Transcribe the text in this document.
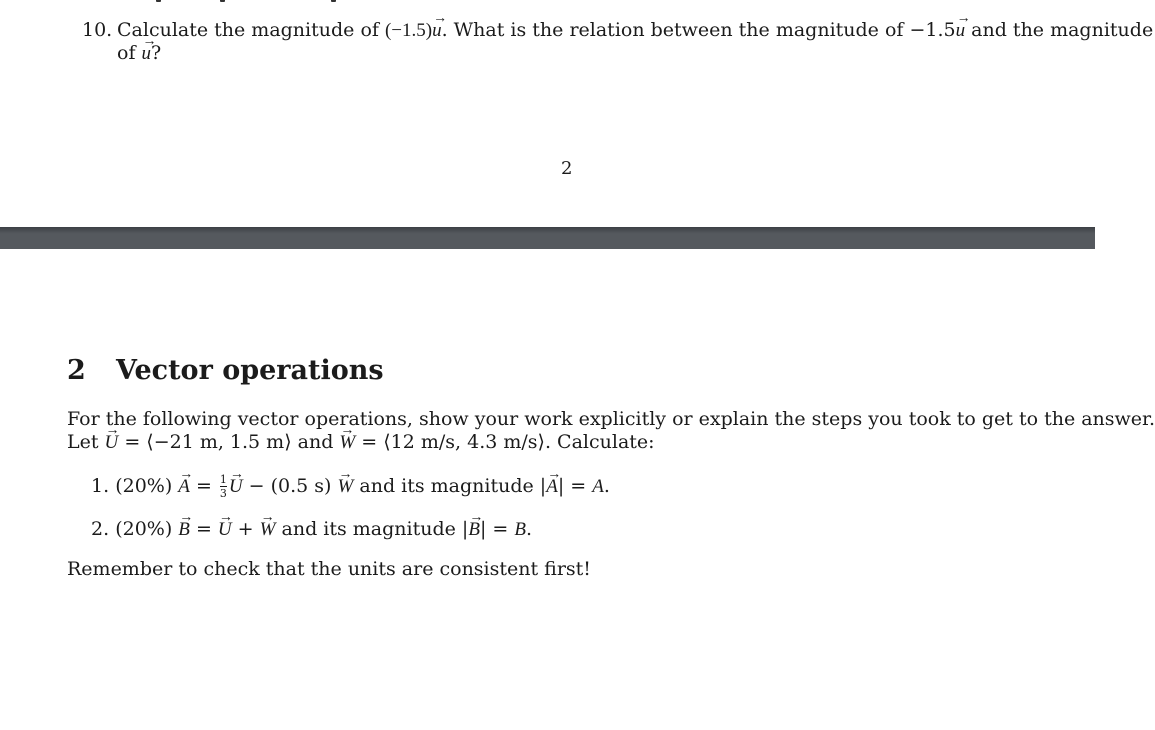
10. Calculate the magnitude of (−1.5)→ u. What is the relation between the magnitude of −1.5→ u and the magnitude
of → u?
2
2 Vector operations
For the following vector operations, show your work explicitly or explain the steps you took to get to the answer.
Let → U = ⟨−21 m, 1.5 m⟩ and → W = ⟨12 m/s, 4.3 m/s⟩. Calculate:
1. $(20\%) \to A = \frac{1}{3}$
→ U − (0.5 s) → W and its magnitude |→ A| = A.
2. (20%) → B = → U + → W and its magnitude |→ B| = B.
Remember to check that the units are consistent first!
